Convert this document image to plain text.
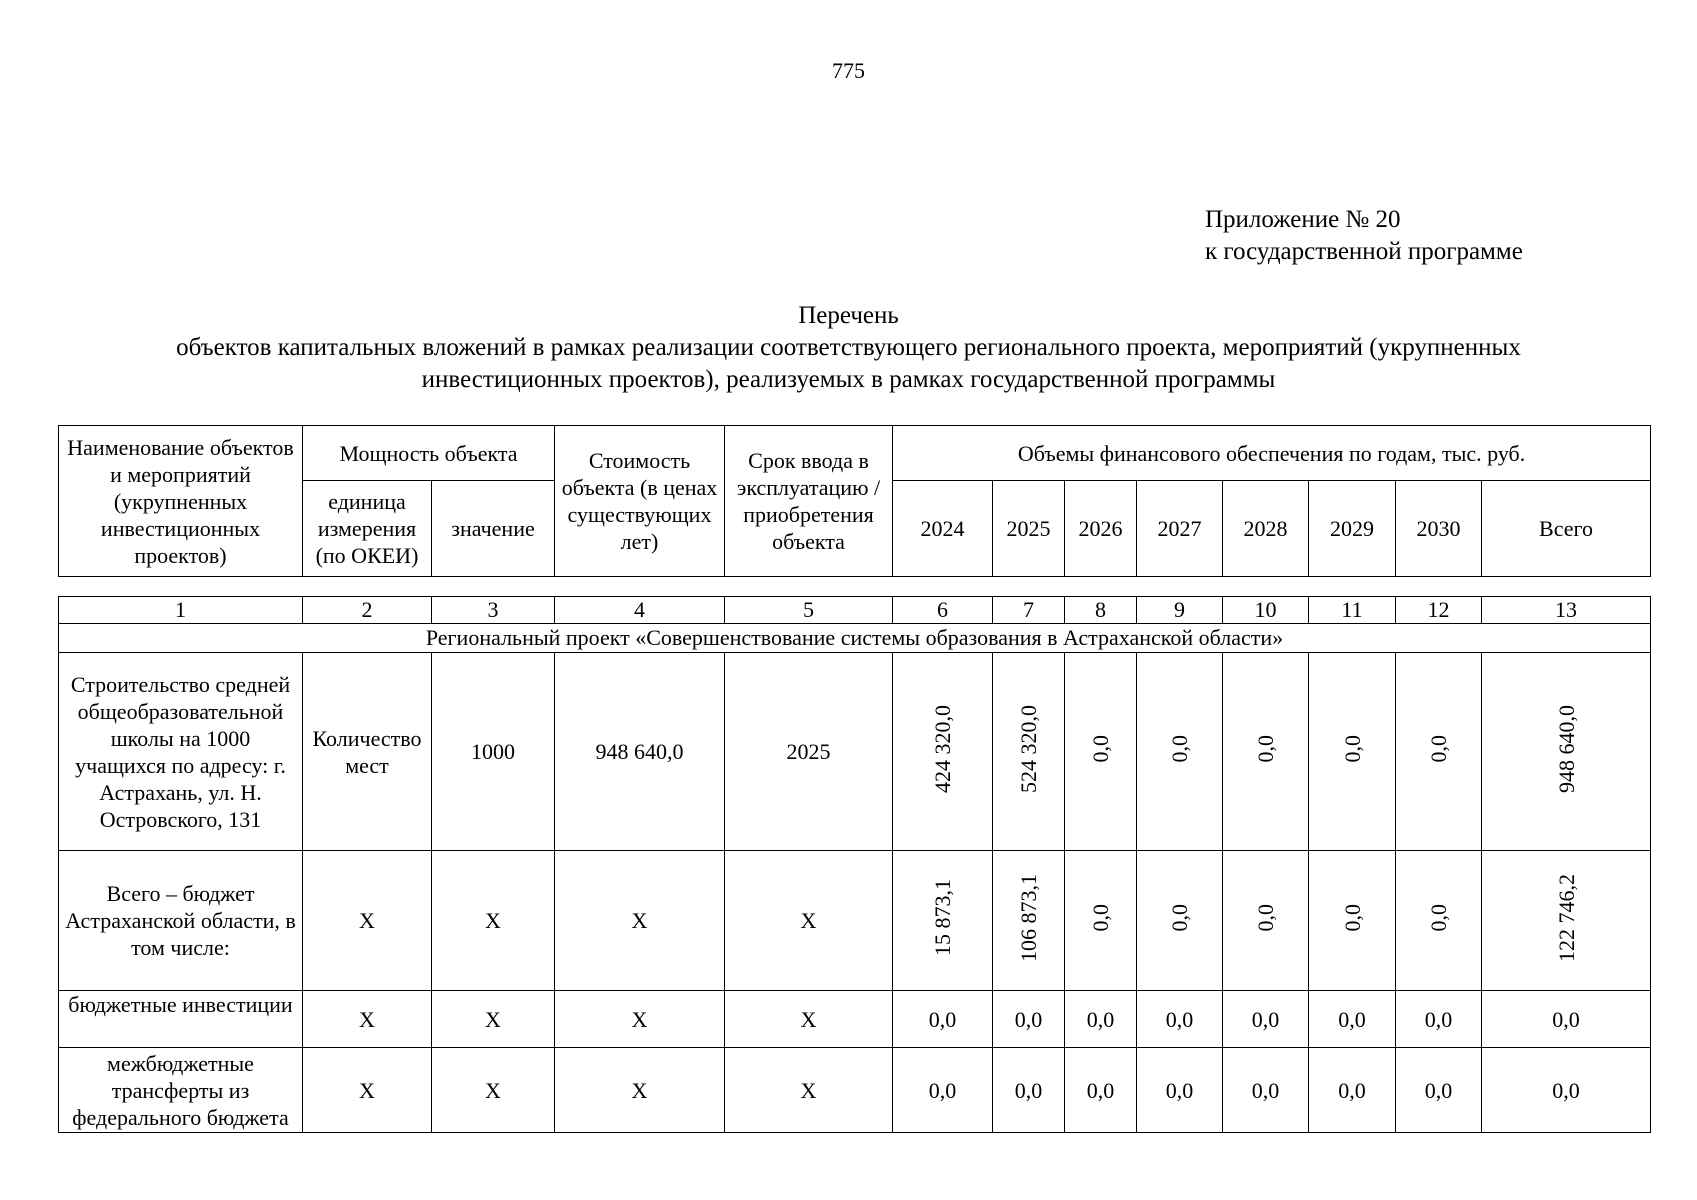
775
Приложение № 20
к государственной программе
Перечень
объектов капитальных вложений в рамках реализации соответствующего регионального проекта, мероприятий (укрупненных
инвестиционных проектов), реализуемых в рамках государственной программы
Наименование объектов и мероприятий (укрупненных инвестиционных проектов)	Мощность объекта		Стоимость объекта (в ценах существующих лет)	Срок ввода в эксплуатацию /приобретения объекта	Объемы финансового обеспечения по годам, тыс. руб.							
	единица измерения (по ОКЕИ)	значение			2024	2025	2026	2027	2028	2029	2030	Всего
1	2	3	4	5	6	7	8	9	10	11	12	13
Региональный проект «Совершенствование системы образования в Астраханской области»												
Строительство средней общеобразовательной школы на 1000 учащихся по адресу: г. Астрахань, ул. Н. Островского, 131	Количество мест	1000	948 640,0	2025	424 320,0	524 320,0	0,0	0,0	0,0	0,0	0,0	948 640,0
Всего – бюджет Астраханской области, в том числе:	X	X	X	X	15 873,1	106 873,1	0,0	0,0	0,0	0,0	0,0	122 746,2
бюджетные инвестиции	X	X	X	X	0,0	0,0	0,0	0,0	0,0	0,0	0,0	0,0
межбюджетные трансферты из федерального бюджета	X	X	X	X	0,0	0,0	0,0	0,0	0,0	0,0	0,0	0,0
